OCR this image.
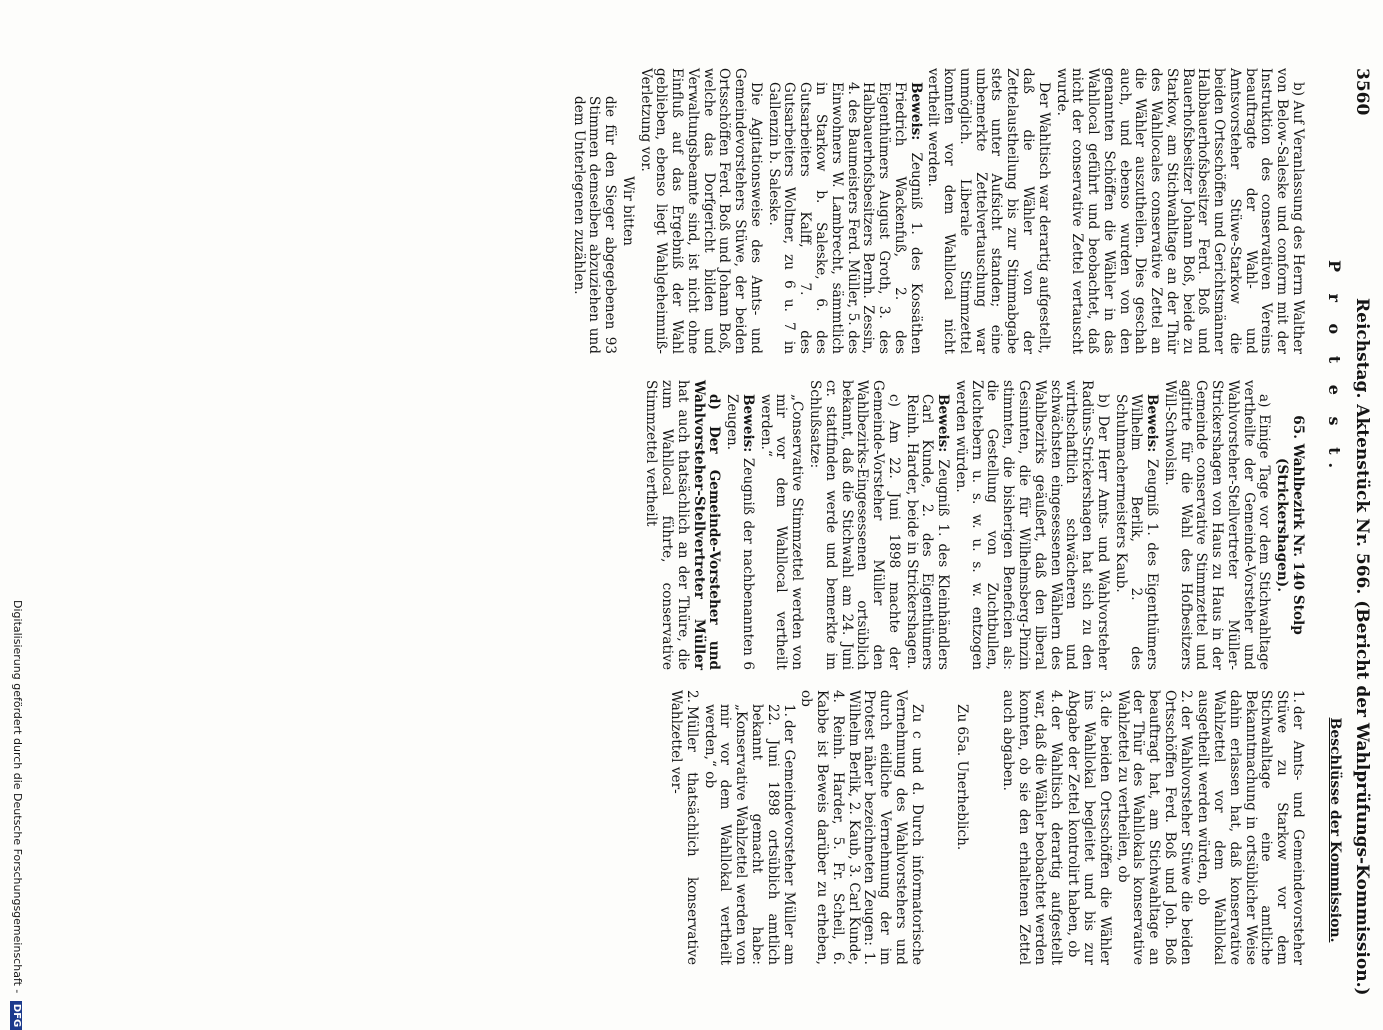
3560
Reichstag. Aktenstück Nr. 566. (Bericht der Wahlprüfungs-Kommission.)
P r o t e s t.
Beschlüsse der Kommission.

b) Auf Veranlassung des Herrn Walther von Below-Saleske und conform mit der Instruktion des conservativen Vereins beauftragte der Wahl- und Amtsvorsteher Stüwe-Starkow die beiden Ortsschöffen und Gerichtsmänner Halbbauerhofsbesitzer Ferd. Boß und Bauerhofsbesitzer Johann Boß, beide zu Starkow, am Stichwahltage an der Thür des Wahllocales conservative Zettel an die Wähler auszutheilen. Dies geschah auch, und ebenso wurden von den genannten Schöffen die Wähler in das Wahllocal geführt und beobachtet, daß nicht der conservative Zettel vertauscht wurde.

Der Wahltisch war derartig aufgestellt, daß die Wähler von der Zettelaustheilung bis zur Stimmabgabe stets unter Aufsicht standen; eine unbemerkte Zettelvertauschung war unmöglich. Liberale Stimmzettel konnten vor dem Wahllocal nicht vertheilt werden.

Beweis: Zeugniß 1. des Kossäthen Friedrich Wackenfuß, 2. des Eigenthümers August Groth, 3. des Halbbauerhofsbesitzers Bernh. Zessin, 4. des Baumeisters Ferd. Müller, 5. des Einwohners W. Lambrecht, sämmtlich in Starkow b. Saleske, 6. des Gutsarbeiters Kalff, 7. des Gutsarbeiters Woltner, zu 6 u. 7 in Gallenzin b. Saleske.

Die Agitationsweise des Amts- und Gemeindevorstehers Stüwe, der beiden Ortsschöffen Ferd. Boß und Johann Boß, welche das Dorfgericht bilden und Verwaltungsbeamte sind, ist nicht ohne Einfluß auf das Ergebniß der Wahl geblieben, ebenso liegt Wahlgeheimniß-Verletzung vor.

Wir bitten

die für den Sieger abgegebenen 93 Stimmen demselben abzuziehen und dem Unterlegenen zuzählen.

65. Wahlbezirk Nr. 140 Stolp (Strickershagen).

a) Einige Tage vor dem Stichwahltage vertheilte der Gemeinde-Vorsteher und Wahlvorsteher-Stellvertreter Müller-Strickershagen von Haus zu Haus in der Gemeinde conservative Stimmzettel und agitirte für die Wahl des Hofbesitzers Will-Schwolsin.

Beweis: Zeugniß 1. des Eigenthümers Wilhelm Berlik, 2. des Schuhmachermeisters Kaub.

b) Der Herr Amts- und Wahlvorsteher Radüns-Strickershagen hat sich zu den wirthschaftlich schwächeren und schwächsten eingesessenen Wählern des Wahlbezirks geäußert, daß den liberal Gesinnten, die für Wilhelmsberg-Pinzin stimmten, die bisherigen Beneficien als: die Gestellung von Zuchtbullen, Zuchtebern u. s. w. u. s. w. entzogen werden würden.

Beweis: Zeugniß 1. des Kleinhändlers Carl Kunde, 2. des Eigenthümers Reinh. Harder, beide in Strickershagen.

c) Am 22. Juni 1898 machte der Gemeinde-Vorsteher Müller den Wahlbezirks-Eingesessenen ortsüblich bekannt, daß die Stichwahl am 24. Juni cr. stattfinden werde und bemerkte im Schlußsatze:

„Conservative Stimmzettel werden von mir vor dem Wahllocal vertheilt werden.“

Beweis: Zeugniß der nachbenannten 6 Zeugen.

d) Der Gemeinde-Vorsteher und Wahlvorsteher-Stellvertreter Müller hat auch thatsächlich an der Thüre, die zum Wahllocal führte, conservative Stimmzettel vertheilt

1.der Amts- und Gemeindevorsteher Stüwe zu Starkow vor dem Stichwahltage eine amtliche Bekanntmachung in ortsüblicher Weise dahin erlassen hat, daß konservative Wahlzettel vor dem Wahllokal ausgetheilt werden würden, ob

2.der Wahlvorsteher Stüwe die beiden Ortsschöffen Ferd. Boß und Joh. Boß beauftragt hat, am Stichwahltage an der Thür des Wahllokals konservative Wahlzettel zu vertheilen, ob

3.die beiden Ortsschöffen die Wähler ins Wahllokal begleitet und bis zur Abgabe der Zettel kontrolirt haben, ob

4.der Wahltisch derartig aufgestellt war, daß die Wähler beobachtet werden konnten, ob sie den erhaltenen Zettel auch abgaben.

Zu 65a. Unerheblich.

Zu c und d. Durch informatorische Vernehmung des Wahlvorstehers und durch eidliche Vernehmung der im Protest näher bezeichneten Zeugen: 1. Wilhelm Berlik, 2. Kaub, 3. Carl Kunde, 4. Reinh. Harder, 5. Fr. Scheil, 6. Kabbe ist Beweis darüber zu erheben, ob

1.der Gemeindevorsteher Müller am 22. Juni 1898 ortsüblich amtlich bekannt gemacht habe: „Konservative Wahlzettel werden von mir vor dem Wahllokal vertheilt werden,“ ob

2.Müller thatsächlich konservative Wahlzettel ver-

Digitalisierung gefördert durch die Deutsche Forschungsgemeinschaft - DFG
